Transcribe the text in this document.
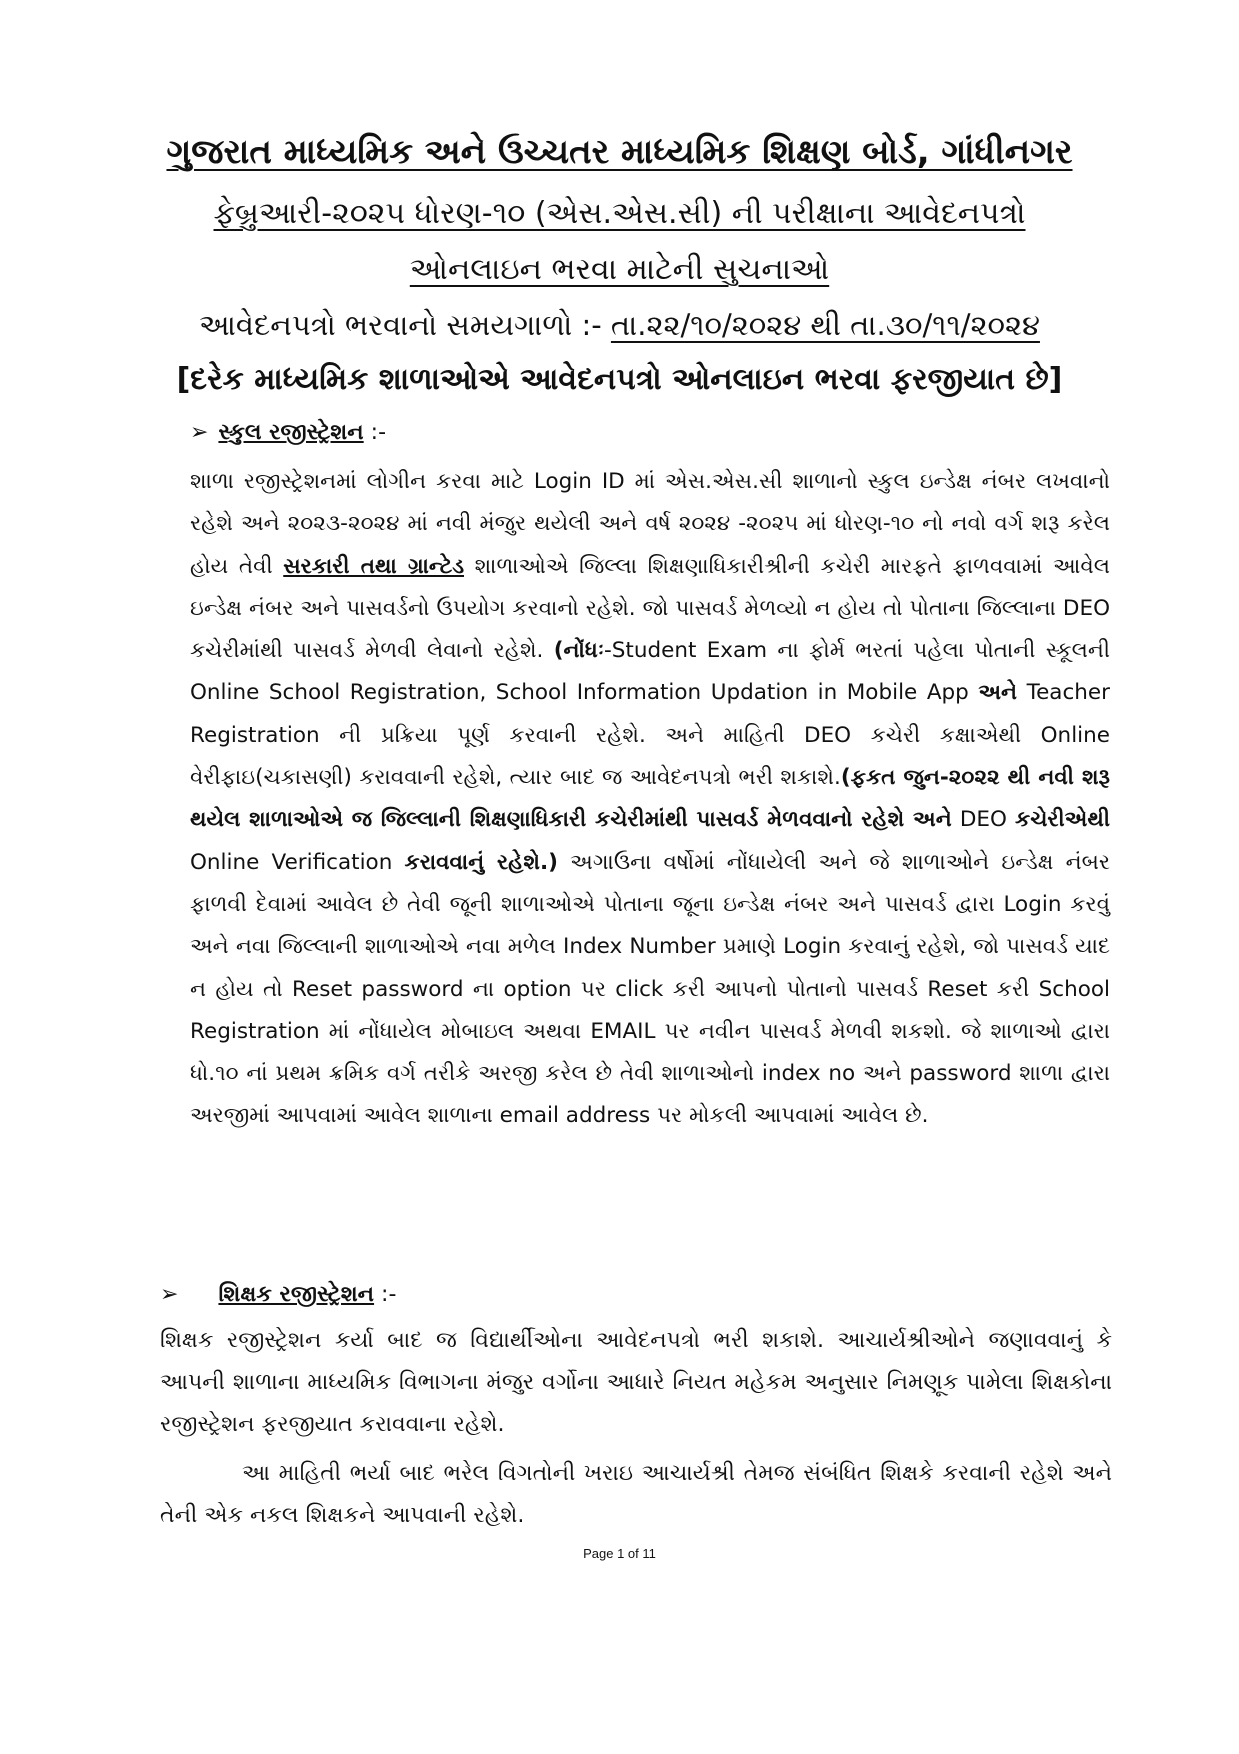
ગુજરાત માધ્યમિક અને ઉચ્ચતર માધ્યમિક શિક્ષણ બોર્ડ, ગાંધીનગર
ફેબ્રુઆરી-૨૦૨૫ ધોરણ-૧૦ (એસ.એસ.સી) ની પરીક્ષાના આવેદનપત્રો
ઓનલાઇન ભરવા માટેની સુચનાઓ
આવેદનપત્રો ભરવાનો સમયગાળો :- તા.૨૨/૧૦/૨૦૨૪ થી તા.૩૦/૧૧/૨૦૨૪
[દરેક માધ્યમિક શાળાઓએ આવેદનપત્રો ઓનલાઇન ભરવા ફરજીયાત છે]
➢ સ્કુલ રજીસ્ટ્રેશન :-
શાળા રજીસ્ટ્રેશનમાં લોગીન કરવા માટે Login ID માં એસ.એસ.સી શાળાનો સ્કુલ ઇન્ડેક્ષ નંબર લખવાનો રહેશે અને ૨૦૨૩-૨૦૨૪ માં નવી મંજુર થયેલી અને વર્ષ ૨૦૨૪ -૨૦૨૫ માં ધોરણ-૧૦ નો નવો વર્ગ શરૂ કરેલ હોય તેવી સરકારી તથા ગ્રાન્ટેડ શાળાઓએ જિલ્લા શિક્ષણાધિકારીશ્રીની કચેરી મારફતે ફાળવવામાં આવેલ ઇન્ડેક્ષ નંબર અને પાસવર્ડનો ઉપયોગ કરવાનો રહેશે. જો પાસવર્ડ મેળવ્યો ન હોય તો પોતાના જિલ્લાના DEO કચેરીમાંથી પાસવર્ડ મેળવી લેવાનો રહેશે. (નોંધઃ-Student Exam ના ફોર્મ ભરતાં પહેલા પોતાની સ્કૂલની Online School Registration, School Information Updation in Mobile App અને Teacher Registration ની પ્રક્રિયા પૂર્ણ કરવાની રહેશે. અને માહિતી DEO કચેરી કક્ષાએથી Online વેરીફાઇ(ચકાસણી) કરાવવાની રહેશે, ત્યાર બાદ જ આવેદનપત્રો ભરી શકાશે.(ફકત જુન-૨૦૨૨ થી નવી શરૂ થયેલ શાળાઓએ જ જિલ્લાની શિક્ષણાધિકારી કચેરીમાંથી પાસવર્ડ મેળવવાનો રહેશે અને DEO કચેરીએથી Online Verification કરાવવાનું રહેશે.) અગાઉના વર્ષોમાં નોંધાયેલી અને જે શાળાઓને ઇન્ડેક્ષ નંબર ફાળવી દેવામાં આવેલ છે તેવી જૂની શાળાઓએ પોતાના જૂના ઇન્ડેક્ષ નંબર અને પાસવર્ડ દ્વારા Login કરવું અને નવા જિલ્લાની શાળાઓએ નવા મળેલ Index Number પ્રમાણે Login કરવાનું રહેશે, જો પાસવર્ડ યાદ ન હોય તો Reset password ના option પર click કરી આપનો પોતાનો પાસવર્ડ Reset કરી School Registration માં નોંધાયેલ મોબાઇલ અથવા EMAIL પર નવીન પાસવર્ડ મેળવી શકશો. જે શાળાઓ દ્વારા ધો.૧૦ નાં પ્રથમ ક્રમિક વર્ગ તરીકે અરજી કરેલ છે તેવી શાળાઓનો index no અને password શાળા દ્વારા અરજીમાં આપવામાં આવેલ શાળાના email address પર મોકલી આપવામાં આવેલ છે.
➢ શિક્ષક રજીસ્ટ્રેશન :-
શિક્ષક રજીસ્ટ્રેશન કર્યા બાદ જ વિદ્યાર્થીઓના આવેદનપત્રો ભરી શકાશે. આચાર્યશ્રીઓને જણાવવાનું કે આપની શાળાના માધ્યમિક વિભાગના મંજુર વર્ગોના આધારે નિયત મહેકમ અનુસાર નિમણૂક પામેલા શિક્ષકોના રજીસ્ટ્રેશન ફરજીયાત કરાવવાના રહેશે.
આ માહિતી ભર્યા બાદ ભરેલ વિગતોની ખરાઇ આચાર્યશ્રી તેમજ સંબંધિત શિક્ષકે કરવાની રહેશે અને તેની એક નકલ શિક્ષકને આપવાની રહેશે.
Page 1 of 11
